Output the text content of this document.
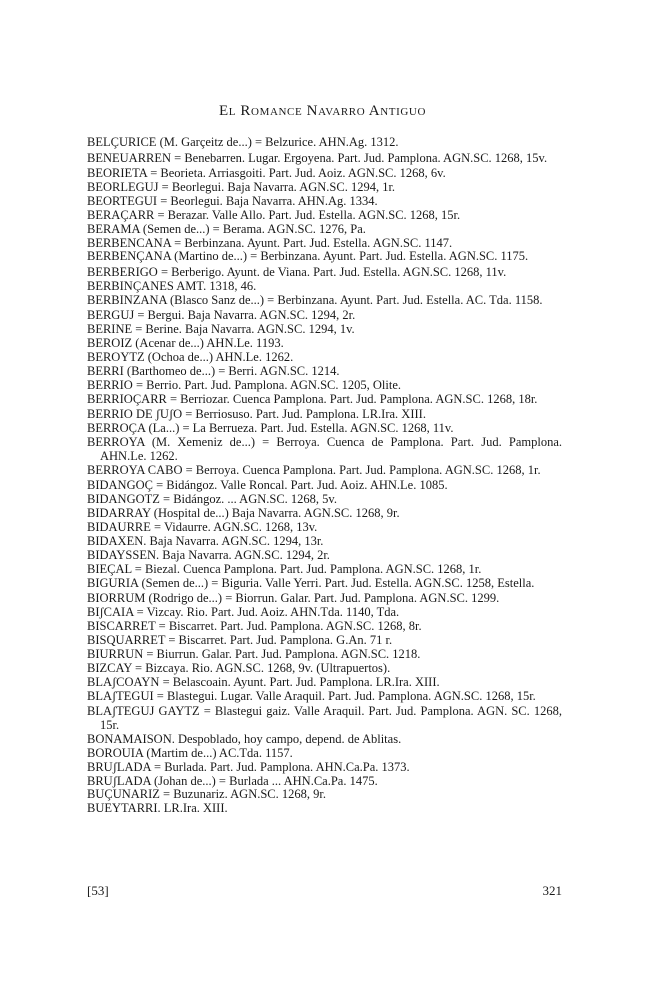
El Romance Navarro Antiguo

BELÇURICE (M. Garçeitz de...) = Belzurice. AHN.Ag. 1312.

BENEUARREN = Benebarren. Lugar. Ergoyena. Part. Jud. Pamplona. AGN.SC. 1268, 15v.

BEORIETA = Beorieta. Arriasgoiti. Part. Jud. Aoiz. AGN.SC. 1268, 6v.

BEORLEGUJ = Beorlegui. Baja Navarra. AGN.SC. 1294, 1r.

BEORTEGUI = Beorlegui. Baja Navarra. AHN.Ag. 1334.

BERAÇARR = Berazar. Valle Allo. Part. Jud. Estella. AGN.SC. 1268, 15r.

BERAMA (Semen de...) = Berama. AGN.SC. 1276, Pa.

BERBENCANA = Berbinzana. Ayunt. Part. Jud. Estella. AGN.SC. 1147.

BERBENÇANA (Martino de...) = Berbinzana. Ayunt. Part. Jud. Estella. AGN.SC. 1175.

BERBERIGO = Berberigo. Ayunt. de Viana. Part. Jud. Estella. AGN.SC. 1268, 11v.

BERBINÇANES AMT. 1318, 46.

BERBINZANA (Blasco Sanz de...) = Berbinzana. Ayunt. Part. Jud. Estella. AC. Tda. 1158.

BERGUJ = Bergui. Baja Navarra. AGN.SC. 1294, 2r.

BERINE = Berine. Baja Navarra. AGN.SC. 1294, 1v.

BEROIZ (Acenar de...) AHN.Le. 1193.

BEROYTZ (Ochoa de...) AHN.Le. 1262.

BERRI (Barthomeo de...) = Berri. AGN.SC. 1214.

BERRIO = Berrio. Part. Jud. Pamplona. AGN.SC. 1205, Olite.

BERRIOÇARR = Berriozar. Cuenca Pamplona. Part. Jud. Pamplona. AGN.SC. 1268, 18r.

BERRIO DE ʃUʃO = Berriosuso. Part. Jud. Pamplona. LR.Ira. XIII.

BERROÇA (La...) = La Berrueza. Part. Jud. Estella. AGN.SC. 1268, 11v.

BERROYA (M. Xemeniz de...) = Berroya. Cuenca de Pamplona. Part. Jud. Pamplona. AHN.Le. 1262.

BERROYA CABO = Berroya. Cuenca Pamplona. Part. Jud. Pamplona. AGN.SC. 1268, 1r.

BIDANGOÇ = Bidángoz. Valle Roncal. Part. Jud. Aoiz. AHN.Le. 1085.

BIDANGOTZ = Bidángoz. ... AGN.SC. 1268, 5v.

BIDARRAY (Hospital de...) Baja Navarra. AGN.SC. 1268, 9r.

BIDAURRE = Vidaurre. AGN.SC. 1268, 13v.

BIDAXEN. Baja Navarra. AGN.SC. 1294, 13r.

BIDAYSSEN. Baja Navarra. AGN.SC. 1294, 2r.

BIEÇAL = Biezal. Cuenca Pamplona. Part. Jud. Pamplona. AGN.SC. 1268, 1r.

BIGURIA (Semen de...) = Biguria. Valle Yerri. Part. Jud. Estella. AGN.SC. 1258, Estella.

BIORRUM (Rodrigo de...) = Biorrun. Galar. Part. Jud. Pamplona. AGN.SC. 1299.

BIʃCAIA = Vizcay. Rio. Part. Jud. Aoiz. AHN.Tda. 1140, Tda.

BISCARRET = Biscarret. Part. Jud. Pamplona. AGN.SC. 1268, 8r.

BISQUARRET = Biscarret. Part. Jud. Pamplona. G.An. 71 r.

BIURRUN = Biurrun. Galar. Part. Jud. Pamplona. AGN.SC. 1218.

BIZCAY = Bizcaya. Rio. AGN.SC. 1268, 9v. (Ultrapuertos).

BLAʃCOAYN = Belascoain. Ayunt. Part. Jud. Pamplona. LR.Ira. XIII.

BLAʃTEGUI = Blastegui. Lugar. Valle Araquil. Part. Jud. Pamplona. AGN.SC. 1268, 15r.

BLAʃTEGUJ GAYTZ = Blastegui gaiz. Valle Araquil. Part. Jud. Pamplona. AGN. SC. 1268, 15r.

BONAMAISON. Despoblado, hoy campo, depend. de Ablitas.

BOROUIA (Martim de...) AC.Tda. 1157.

BRUʃLADA = Burlada. Part. Jud. Pamplona. AHN.Ca.Pa. 1373.

BRUʃLADA (Johan de...) = Burlada ... AHN.Ca.Pa. 1475.

BUÇUNARIZ = Buzunariz. AGN.SC. 1268, 9r.

BUEYTARRI. LR.Ira. XIII.

[53]	321
